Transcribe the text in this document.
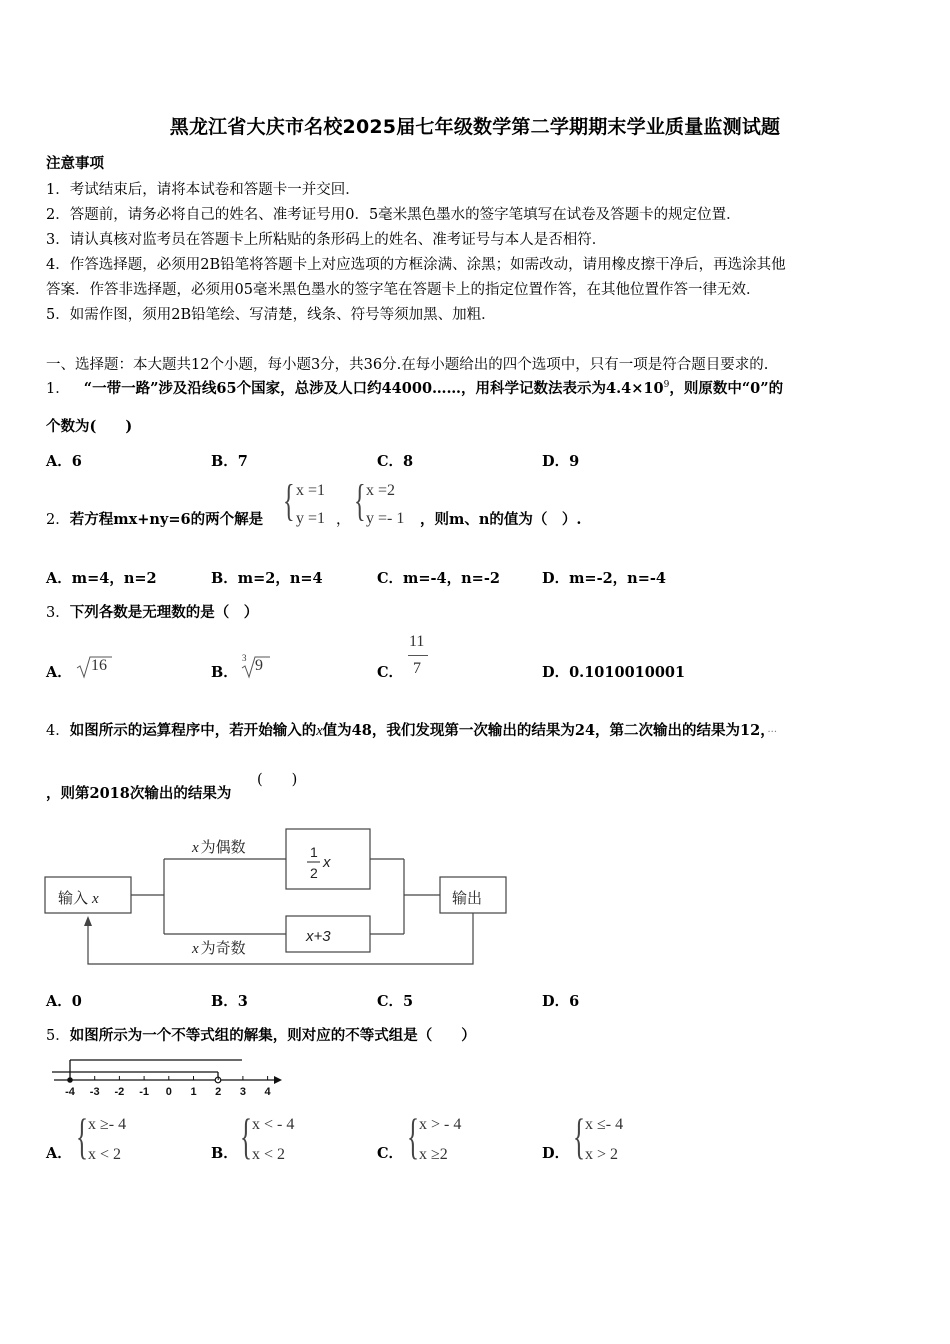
黑龙江省大庆市名校2025届七年级数学第二学期期末学业质量监测试题
注意事项
1．考试结束后，请将本试卷和答题卡一并交回．
2．答题前，请务必将自己的姓名、准考证号用0．5毫米黑色墨水的签字笔填写在试卷及答题卡的规定位置．
3．请认真核对监考员在答题卡上所粘贴的条形码上的姓名、准考证号与本人是否相符．
4．作答选择题，必须用2B铅笔将答题卡上对应选项的方框涂满、涂黑；如需改动，请用橡皮擦干净后，再选涂其他
答案．作答非选择题，必须用05毫米黑色墨水的签字笔在答题卡上的指定位置作答，在其他位置作答一律无效．
5．如需作图，须用2B铅笔绘、写清楚，线条、符号等须加黑、加粗．
一、选择题：本大题共12个小题，每小题3分，共36分.在每小题给出的四个选项中，只有一项是符合题目要求的.
1． “一带一路”涉及沿线65个国家，总涉及人口约44000……，用科学记数法表示为$4.4\times 10^9$，则原数中“0”的
个数为(　　)
A．6	B．7	C．8	D．9
2．若方程mx+ny=6的两个解是 { x =1
y =1 ， { x =2
y =- 1 ，则m、n的值为（　）.
A．m=4，n=2	B．m=2，n=4	C．m=-4，n=-2	D．m=-2，n=-4
3．下列各数是无理数的是（　）
A． 16	B．
3 9	C．
11
7	D．0.1010010001
4．如图所示的运算程序中，若开始输入的x值为48，我们发现第一次输出的结果为24，第二次输出的结果为12，···
，则第2018次输出的结果为
(　　)
输入 x
x 为偶数
x 为奇数
1
2
x
x+3
输出
A．0	B．3	C．5	D．6
5．如图所示为一个不等式组的解集，则对应的不等式组是（　　）
-4 -3 -2 -1 0 1 2 3 4
A． { x ≥- 4
x < 2	B． { x < - 4
x < 2	C． { x > - 4
x ≥2	D． { x ≤- 4
x > 2
